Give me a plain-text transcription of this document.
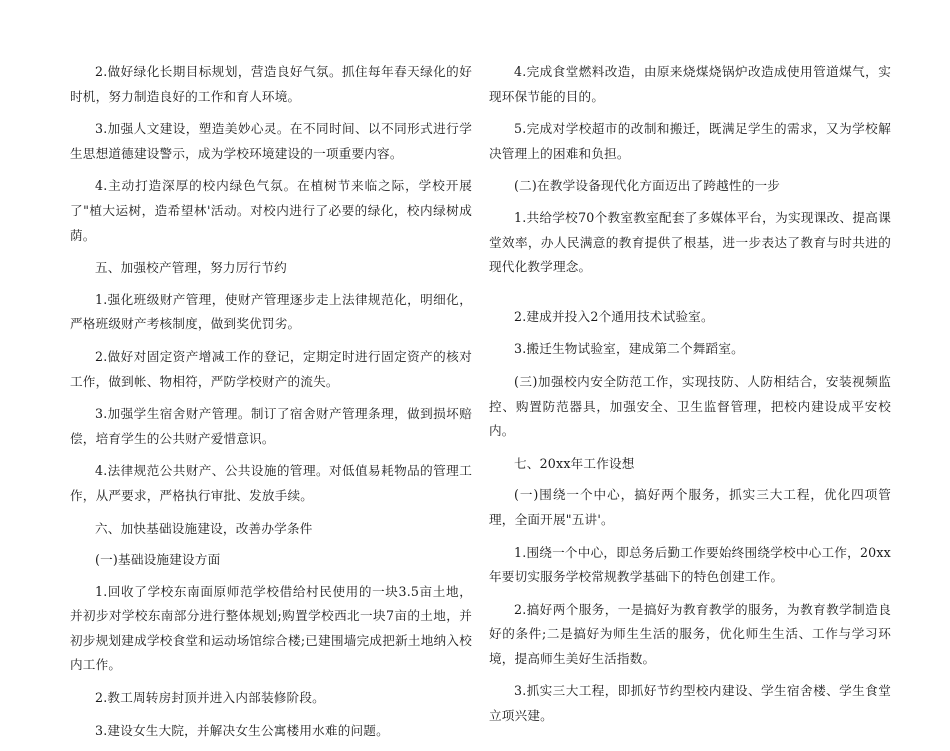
2.做好绿化长期目标规划，营造良好气氛。抓住每年春天绿化的好时机，努力制造良好的工作和育人环境。

3.加强人文建设，塑造美妙心灵。在不同时间、以不同形式进行学生思想道德建设警示，成为学校环境建设的一项重要内容。

4.主动打造深厚的校内绿色气氛。在植树节来临之际，学校开展了"植大运树，造希望林'活动。对校内进行了必要的绿化，校内绿树成荫。

五、加强校产管理，努力厉行节约

1.强化班级财产管理，使财产管理逐步走上法律规范化，明细化，严格班级财产考核制度，做到奖优罚劣。

2.做好对固定资产增减工作的登记，定期定时进行固定资产的核对工作，做到帐、物相符，严防学校财产的流失。

3.加强学生宿舍财产管理。制订了宿舍财产管理条理，做到损坏赔偿，培育学生的公共财产爱惜意识。

4.法律规范公共财产、公共设施的管理。对低值易耗物品的管理工作，从严要求，严格执行审批、发放手续。

六、加快基础设施建设，改善办学条件

(一)基础设施建设方面

1.回收了学校东南面原师范学校借给村民使用的一块3.5亩土地，并初步对学校东南部分进行整体规划;购置学校西北一块7亩的土地，并初步规划建成学校食堂和运动场馆综合楼;已建围墙完成把新土地纳入校内工作。

2.教工周转房封顶并进入内部装修阶段。

3.建设女生大院，并解决女生公寓楼用水难的问题。

4.完成食堂燃料改造，由原来烧煤烧锅炉改造成使用管道煤气，实现环保节能的目的。

5.完成对学校超市的改制和搬迁，既满足学生的需求，又为学校解决管理上的困难和负担。

(二)在教学设备现代化方面迈出了跨越性的一步

1.共给学校70个教室教室配套了多媒体平台，为实现课改、提高课堂效率，办人民满意的教育提供了根基，进一步表达了教育与时共进的现代化教学理念。

2.建成并投入2个通用技术试验室。

3.搬迁生物试验室，建成第二个舞蹈室。

(三)加强校内安全防范工作，实现技防、人防相结合，安装视频监控、购置防范器具，加强安全、卫生监督管理，把校内建设成平安校内。

七、20xx年工作设想

(一)围绕一个中心，搞好两个服务，抓实三大工程，优化四项管理，全面开展"五讲'。

1.围绕一个中心，即总务后勤工作要始终围绕学校中心工作，20xx年要切实服务学校常规教学基础下的特色创建工作。

2.搞好两个服务，一是搞好为教育教学的服务，为教育教学制造良好的条件;二是搞好为师生生活的服务，优化师生生活、工作与学习环境，提高师生美好生活指数。

3.抓实三大工程，即抓好节约型校内建设、学生宿舍楼、学生食堂立项兴建。
